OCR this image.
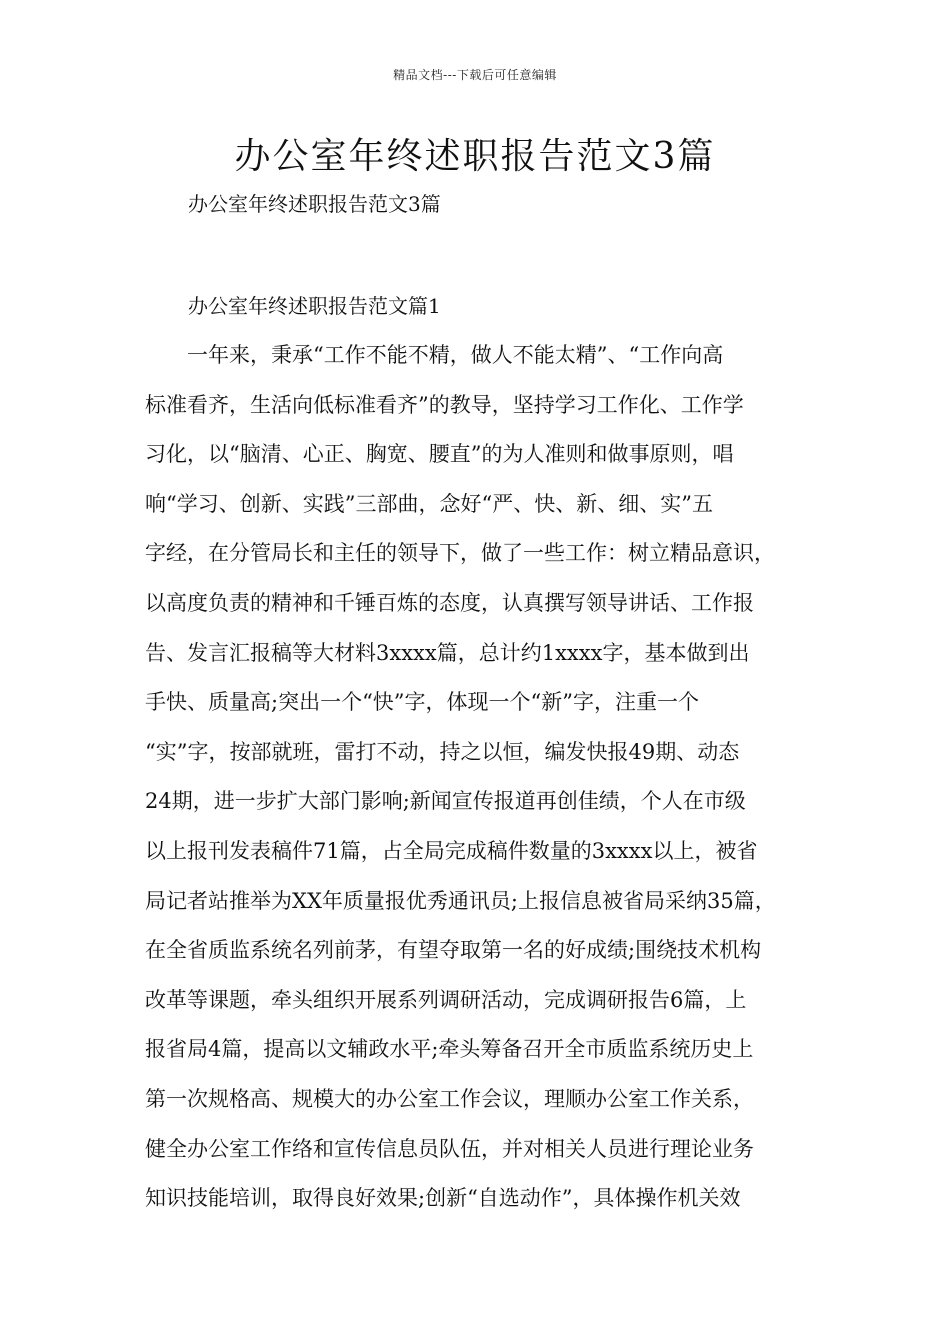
精品文档---下载后可任意编辑
办公室年终述职报告范文3篇
办公室年终述职报告范文3篇
办公室年终述职报告范文篇1
　　一年来，秉承“工作不能不精，做人不能太精”、“工作向高
标准看齐，生活向低标准看齐”的教导，坚持学习工作化、工作学
习化，以“脑清、心正、胸宽、腰直”的为人准则和做事原则，唱
响“学习、创新、实践”三部曲，念好“严、快、新、细、实”五
字经，在分管局长和主任的领导下，做了一些工作：树立精品意识，
以高度负责的精神和千锤百炼的态度，认真撰写领导讲话、工作报
告、发言汇报稿等大材料3xxxx篇，总计约1xxxx字，基本做到出
手快、质量高;突出一个“快”字，体现一个“新”字，注重一个
“实”字，按部就班，雷打不动，持之以恒，编发快报49期、动态
24期，进一步扩大部门影响;新闻宣传报道再创佳绩，个人在市级
以上报刊发表稿件71篇，占全局完成稿件数量的3xxxx以上，被省
局记者站推举为XX年质量报优秀通讯员;上报信息被省局采纳35篇，
在全省质监系统名列前茅，有望夺取第一名的好成绩;围绕技术机构
改革等课题，牵头组织开展系列调研活动，完成调研报告6篇，上
报省局4篇，提高以文辅政水平;牵头筹备召开全市质监系统历史上
第一次规格高、规模大的办公室工作会议，理顺办公室工作关系，
健全办公室工作络和宣传信息员队伍，并对相关人员进行理论业务
知识技能培训，取得良好效果;创新“自选动作”，具体操作机关效
